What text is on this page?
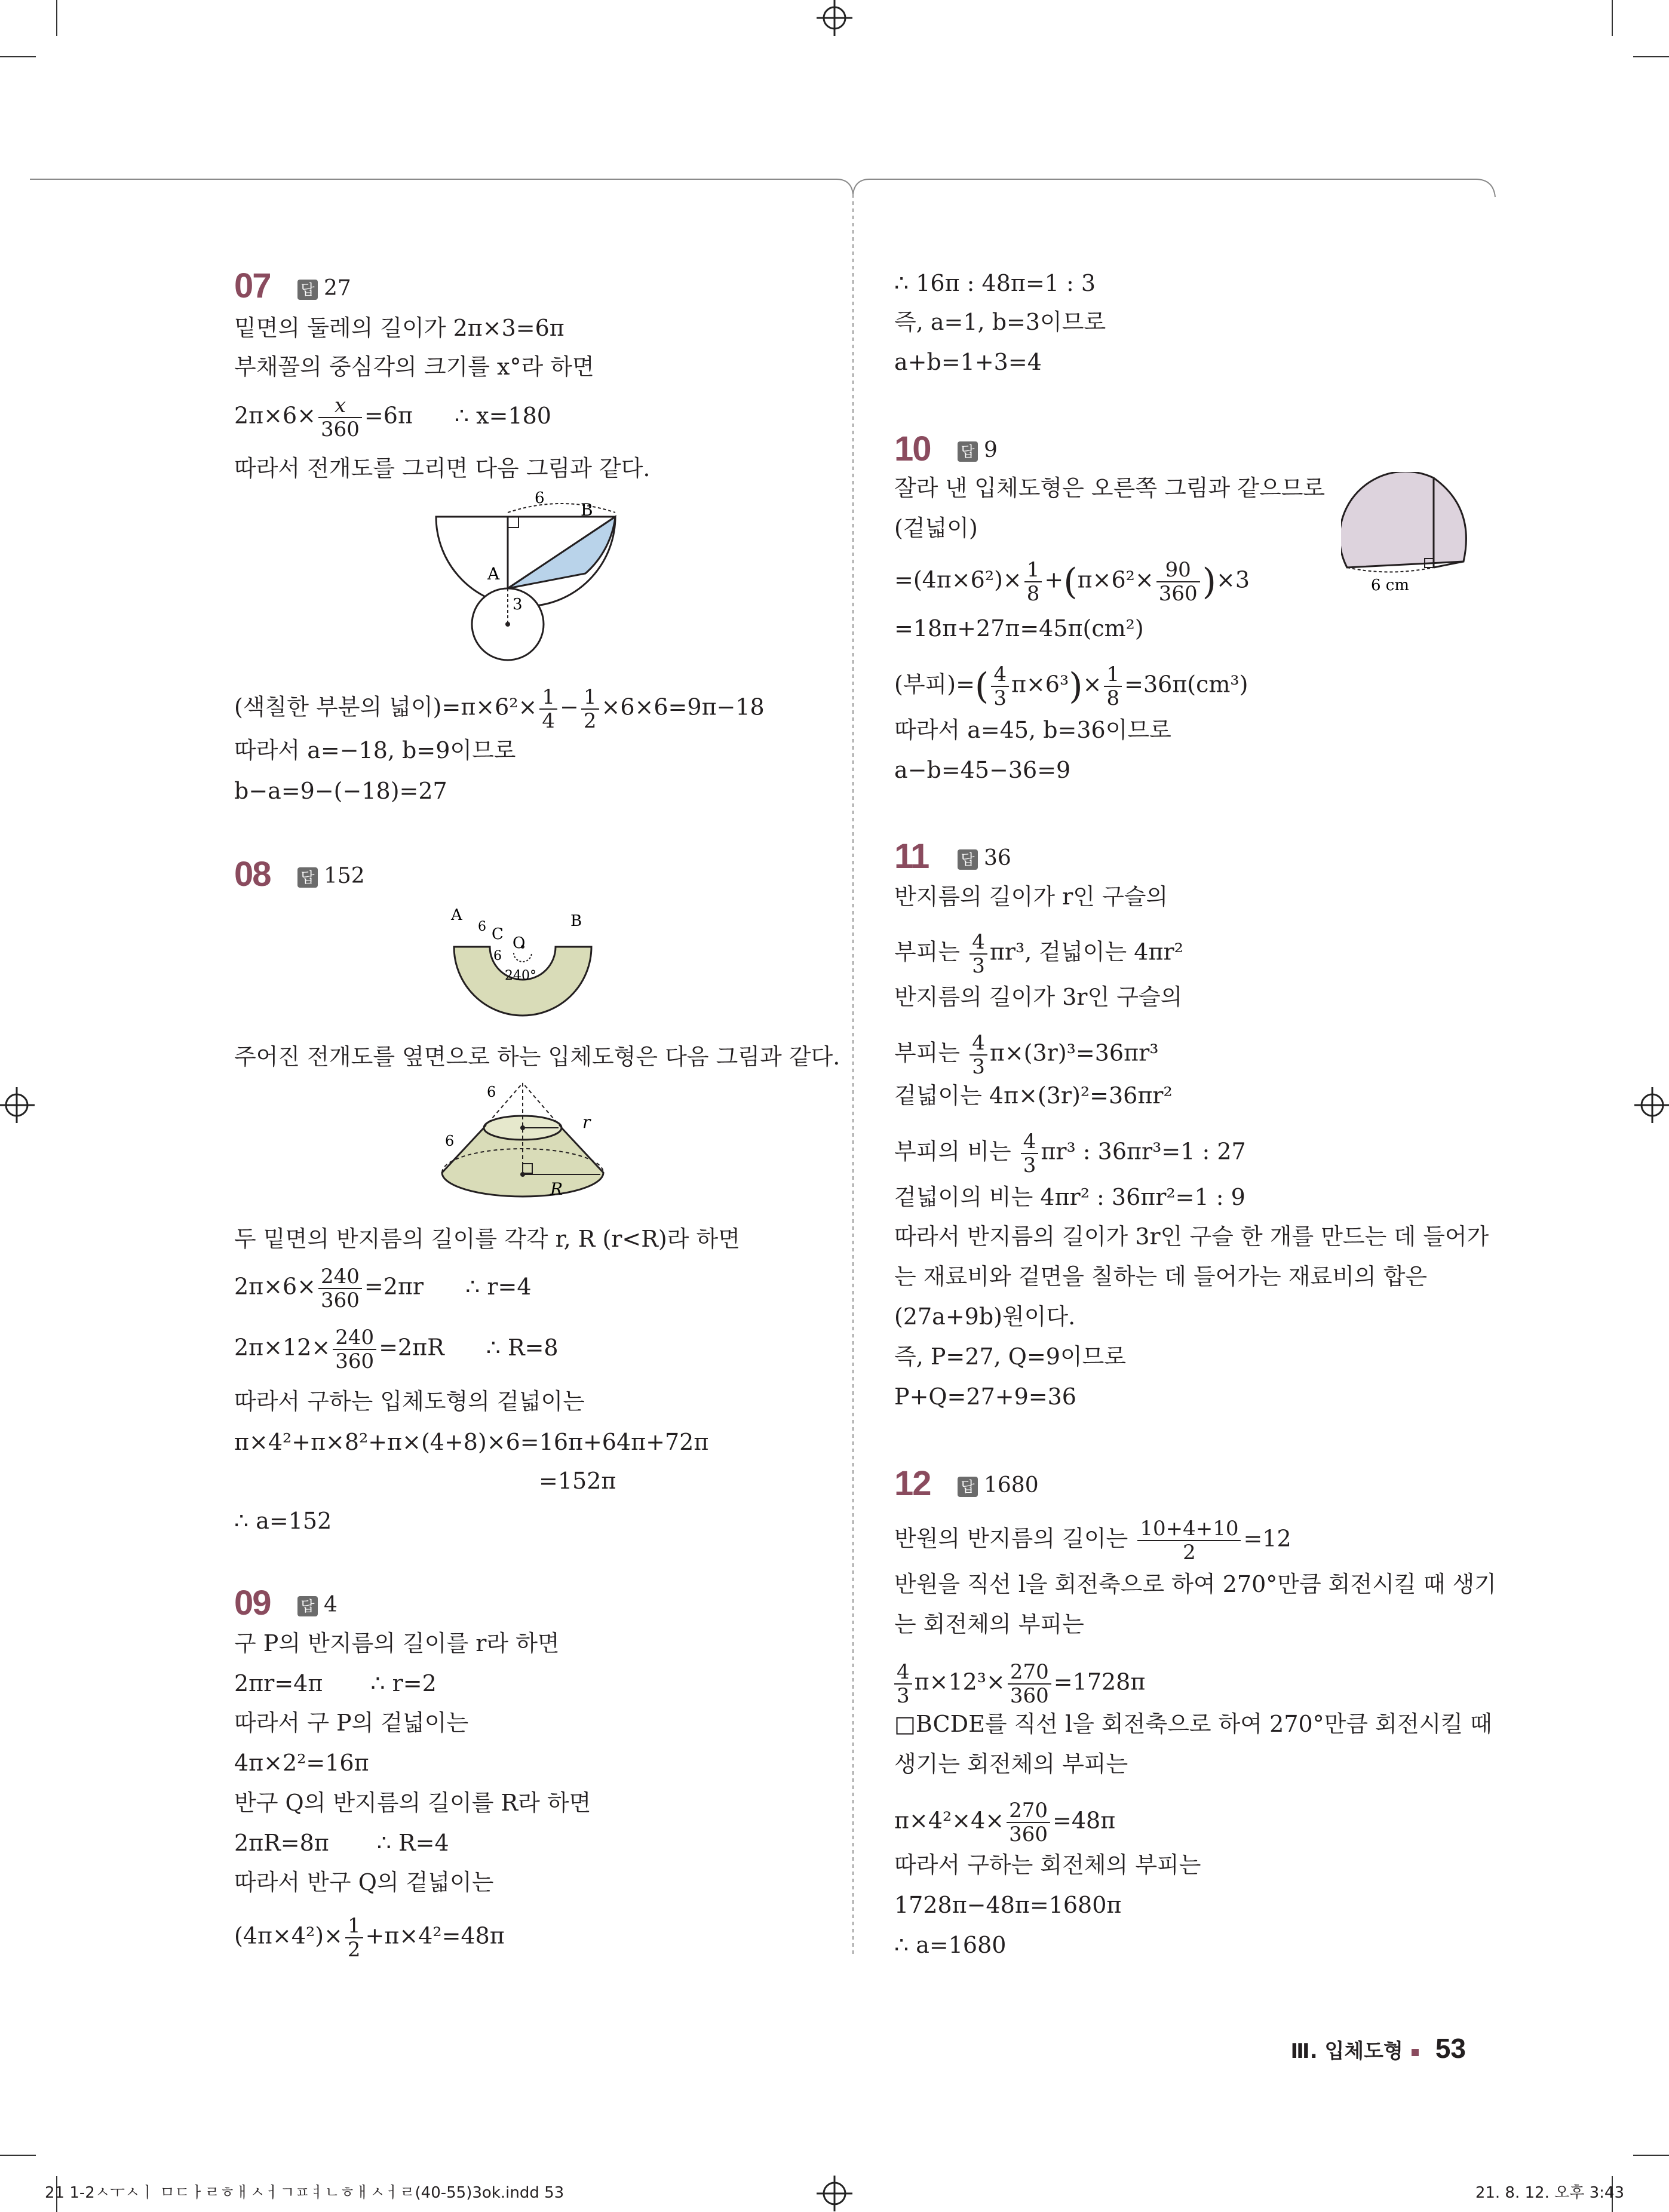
07 답 27
밑면의 둘레의 길이가 2π×3=6π
부채꼴의 중심각의 크기를 x°라 하면
$2\pi\times 6\times \frac{x}{360} =6\pi$ ∴ x=180
따라서 전개도를 그리면 다음 그림과 같다.
6
B
A
3
(색칠한 부분의 넓이)$=\pi\times 6^2\times \frac{1}{4} - \frac{1}{2} \times 6\times 6=9\pi-18$
따라서 a=−18, b=9이므로
b−a=9−(−18)=27
08 답 152
A	B
C O
6
6
240°
주어진 전개도를 옆면으로 하는 입체도형은 다음 그림과 같다.
6
6
r
R
두 밑면의 반지름의 길이를 각각 r, R (r<R)라 하면
$2\pi\times 6\times \frac{240}{360} =2\pi r$ ∴ r=4
$2\pi\times 12\times \frac{240}{360} =2\pi R$ ∴ R=8
따라서 구하는 입체도형의 겉넓이는
π×4²+π×8²+π×(4+8)×6=16π+64π+72π
=152π
∴ a=152
09 답 4
구 P의 반지름의 길이를 r라 하면
2πr=4π ∴ r=2
따라서 구 P의 겉넓이는
4π×2²=16π
반구 Q의 반지름의 길이를 R라 하면
2πR=8π ∴ R=4
따라서 반구 Q의 겉넓이는
$(4\pi\times 4^2)\times \frac{1}{2} +\pi\times 4^2=48\pi$
∴ 16π : 48π=1 : 3
즉, a=1, b=3이므로
a+b=1+3=4
10 답 9
잘라 낸 입체도형은 오른쪽 그림과 같으므로
(겉넓이)
$=(4\pi\times 6^2)\times \frac{1}{8} +(\pi\times 6^2\times \frac{90}{360} )\times 3$
=18π+27π=45π(cm²)
(부피)=( $\frac{4}{3} \pi\times 6^3)\times \frac{1}{8} =36\pi(cm^3)$
따라서 a=45, b=36이므로
a−b=45−36=9
6 cm
11 답 36
반지름의 길이가 r인 구슬의
부피는 $\frac{4}{3} \pi r^3$, 겉넓이는 4πr²
반지름의 길이가 3r인 구슬의
부피는 $\frac{4}{3} \pi\times(3r)^3=36\pi r^3$
겉넓이는 4π×(3r)²=36πr²
부피의 비는 $\frac{4}{3} \pi r^3$ : 36πr³=1 : 27
겉넓이의 비는 4πr² : 36πr²=1 : 9
따라서 반지름의 길이가 3r인 구슬 한 개를 만드는 데 들어가
는 재료비와 겉면을 칠하는 데 들어가는 재료비의 합은
(27a+9b)원이다.
즉, P=27, Q=9이므로
P+Q=27+9=36
12 답 1680
반원의 반지름의 길이는 $\frac{10+4+10}{2} =12$
반원을 직선 l을 회전축으로 하여 270°만큼 회전시킬 때 생기
는 회전체의 부피는
$\frac{4}{3} \pi\times 12^3\times \frac{270}{360} =1728\pi$
□BCDE를 직선 l을 회전축으로 하여 270°만큼 회전시킬 때
생기는 회전체의 부피는
$\pi\times 4^2\times 4\times \frac{270}{360} =48\pi$
따라서 구하는 회전체의 부피는
1728π−48π=1680π
∴ a=1680
Ⅲ. 입체도형 53
21 1-2ㅅㅜㅅㅣ ㅁㄷㅏㄹㅎㅐㅅㅓㄱㅍㅕㄴㅎㅐㅅㅓㄹ(40-55)3ok.indd 53	21. 8. 12. 오후 3:43
